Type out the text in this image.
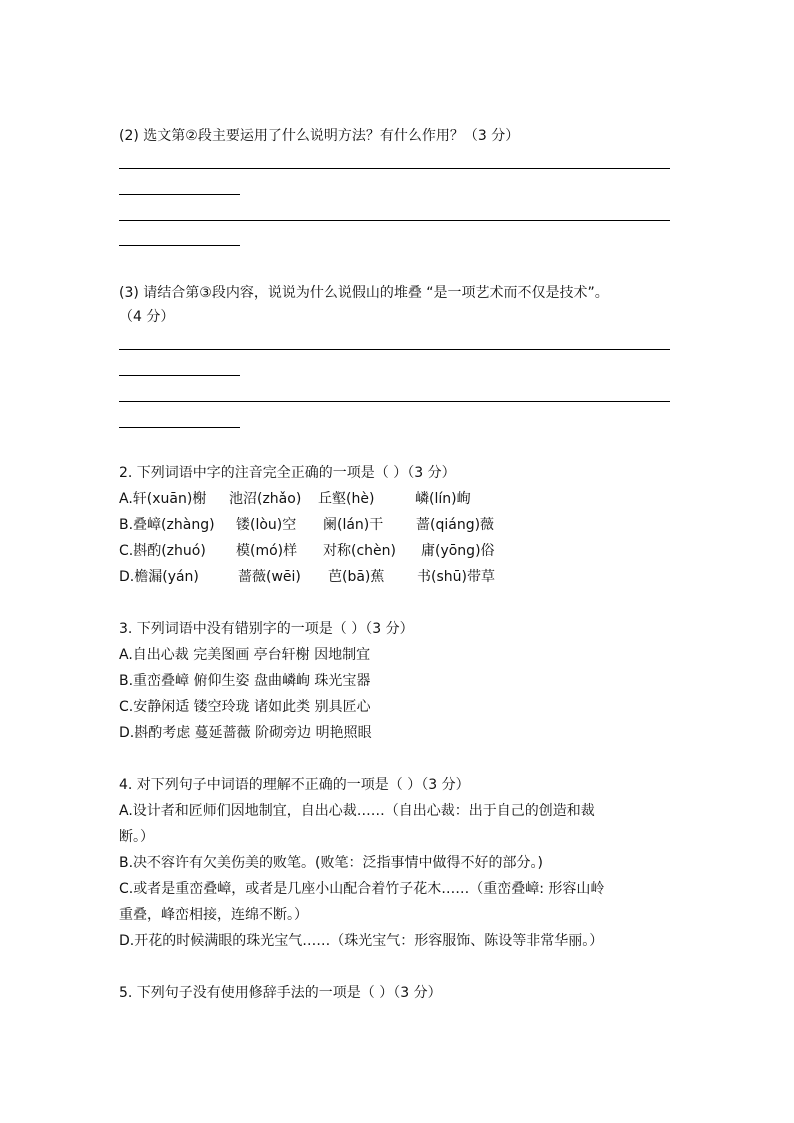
(2) 选文第②段主要运用了什么说明方法？有什么作用？（3 分）
(3) 请结合第③段内容，说说为什么说假山的堆叠 “是一项艺术而不仅是技术”。
（4 分）
2. 下列词语中字的注音完全正确的一项是（ ）（3 分）
A.轩(xuān)榭 池沼(zhǎo) 丘壑(hè)	嶙(lín)峋
B.叠嶂(zhàng) 镂(lòu)空 阑(lán)干 蔷(qiáng)薇
C.斟酌(zhuó) 模(mó)样 对称(chèn) 庸(yōng)俗
D.檐漏(yán)	蔷薇(wēi) 芭(bā)蕉 书(shū)带草
3. 下列词语中没有错别字的一项是（ ）（3 分）
A.自出心裁 完美图画 亭台轩榭 因地制宜
B.重峦叠嶂 俯仰生姿 盘曲嶙峋 珠光宝器
C.安静闲适 镂空玲珑 诸如此类 别具匠心
D.斟酌考虑 蔓延蔷薇 阶砌旁边 明艳照眼
4. 对下列句子中词语的理解不正确的一项是（ ）（3 分）
A.设计者和匠师们因地制宜，自出心裁……（自出心裁：出于自己的创造和裁
断。）
B.决不容许有欠美伤美的败笔。(败笔：泛指事情中做得不好的部分。)
C.或者是重峦叠嶂，或者是几座小山配合着竹子花木……（重峦叠嶂: 形容山岭
重叠，峰峦相接，连绵不断。）
D.开花的时候满眼的珠光宝气……（珠光宝气：形容服饰、陈设等非常华丽。）
5. 下列句子没有使用修辞手法的一项是（ ）（3 分）
